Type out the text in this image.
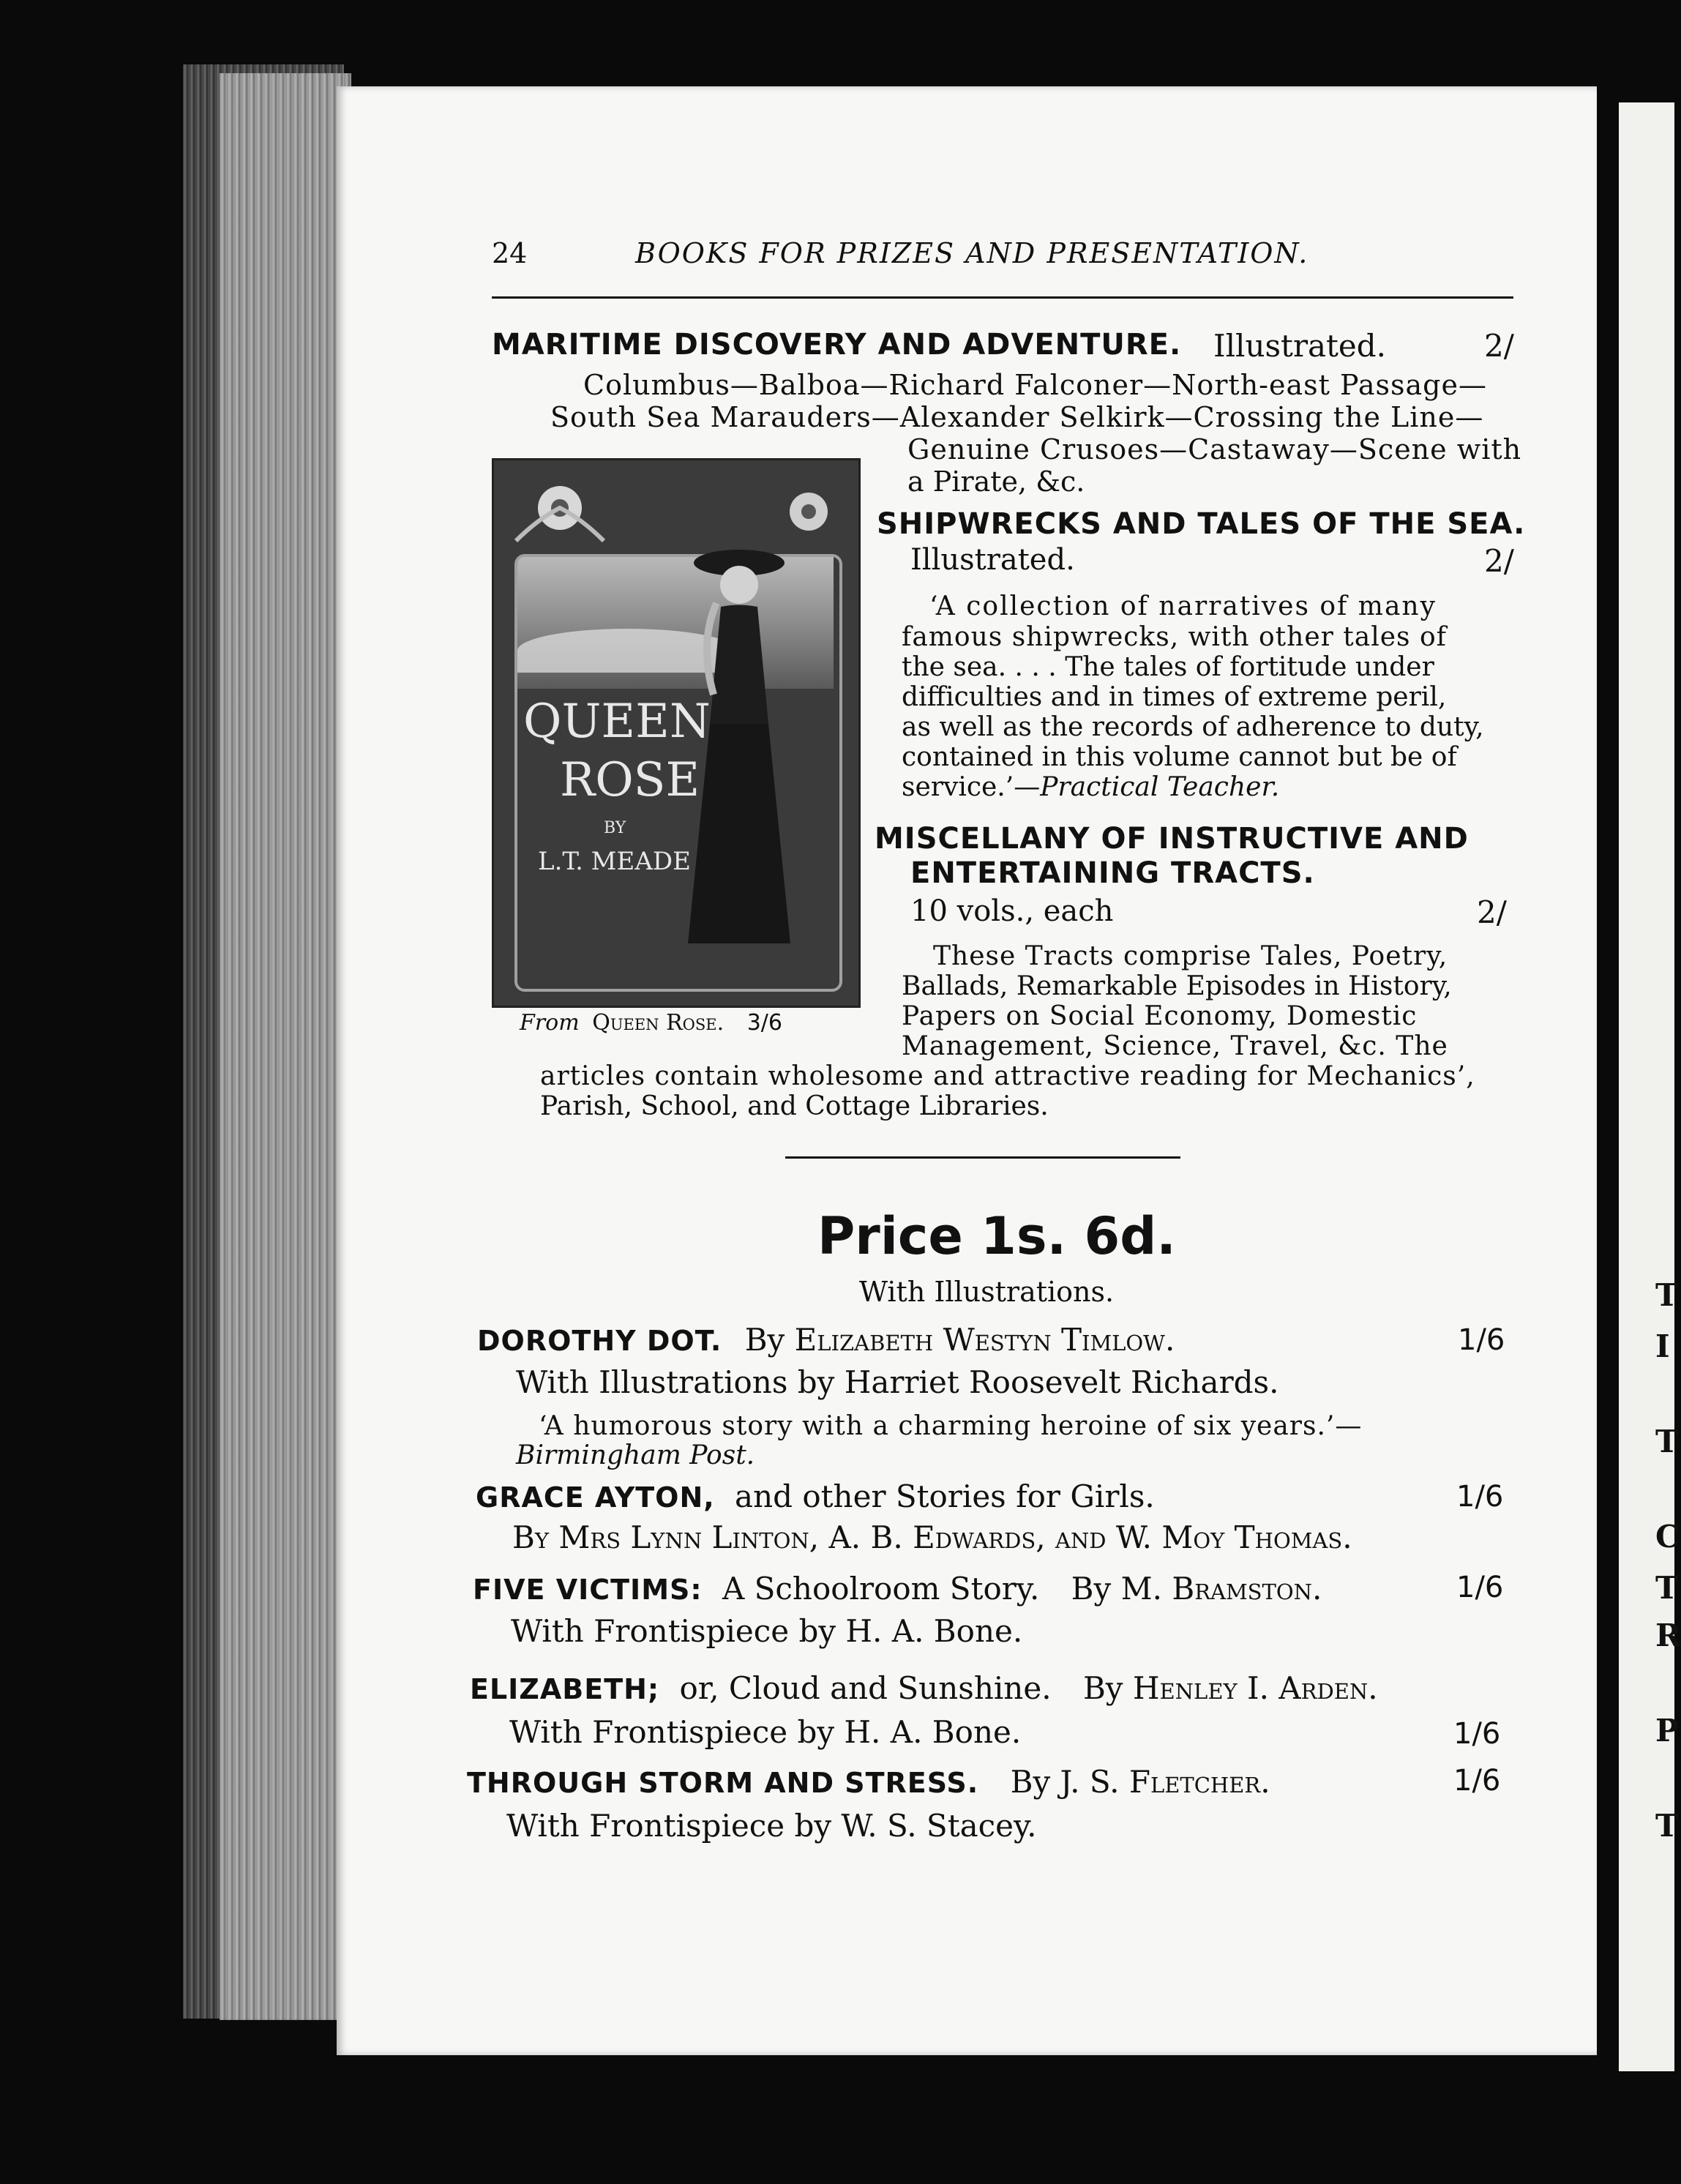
T
I
T
C
T
R
P
T
24	BOOKS FOR PRIZES AND PRESENTATION.
MARITIME DISCOVERY AND ADVENTURE. Illustrated.	2/
Columbus—Balboa—Richard Falconer—North-east Passage—
South Sea Marauders—Alexander Selkirk—Crossing the Line—
Genuine Crusoes—Castaway—Scene with
a Pirate, &c.
QUEEN
ROSE
BY
L.T. MEADE
From Queen Rose. 3/6
SHIPWRECKS AND TALES OF THE SEA.
Illustrated.	2/
‘A collection of narratives of many
famous shipwrecks, with other tales of
the sea. . . . The tales of fortitude under
difficulties and in times of extreme peril,
as well as the records of adherence to duty,
contained in this volume cannot but be of
service.’—Practical Teacher.
MISCELLANY OF INSTRUCTIVE AND
ENTERTAINING TRACTS.
10 vols., each	2/
These Tracts comprise Tales, Poetry,
Ballads, Remarkable Episodes in History,
Papers on Social Economy, Domestic
Management, Science, Travel, &c. The
articles contain wholesome and attractive reading for Mechanics’,
Parish, School, and Cottage Libraries.
Price 1s. 6d.
With Illustrations.
DOROTHY DOT. By Elizabeth Westyn Timlow.	1/6
With Illustrations by Harriet Roosevelt Richards.
‘A humorous story with a charming heroine of six years.’—
Birmingham Post.
GRACE AYTON, and other Stories for Girls.	1/6
By Mrs Lynn Linton, A. B. Edwards, and W. Moy Thomas.
FIVE VICTIMS: A Schoolroom Story. By M. Bramston.	1/6
With Frontispiece by H. A. Bone.
ELIZABETH; or, Cloud and Sunshine. By Henley I. Arden.
With Frontispiece by H. A. Bone.	1/6
THROUGH STORM AND STRESS. By J. S. Fletcher.	1/6
With Frontispiece by W. S. Stacey.
